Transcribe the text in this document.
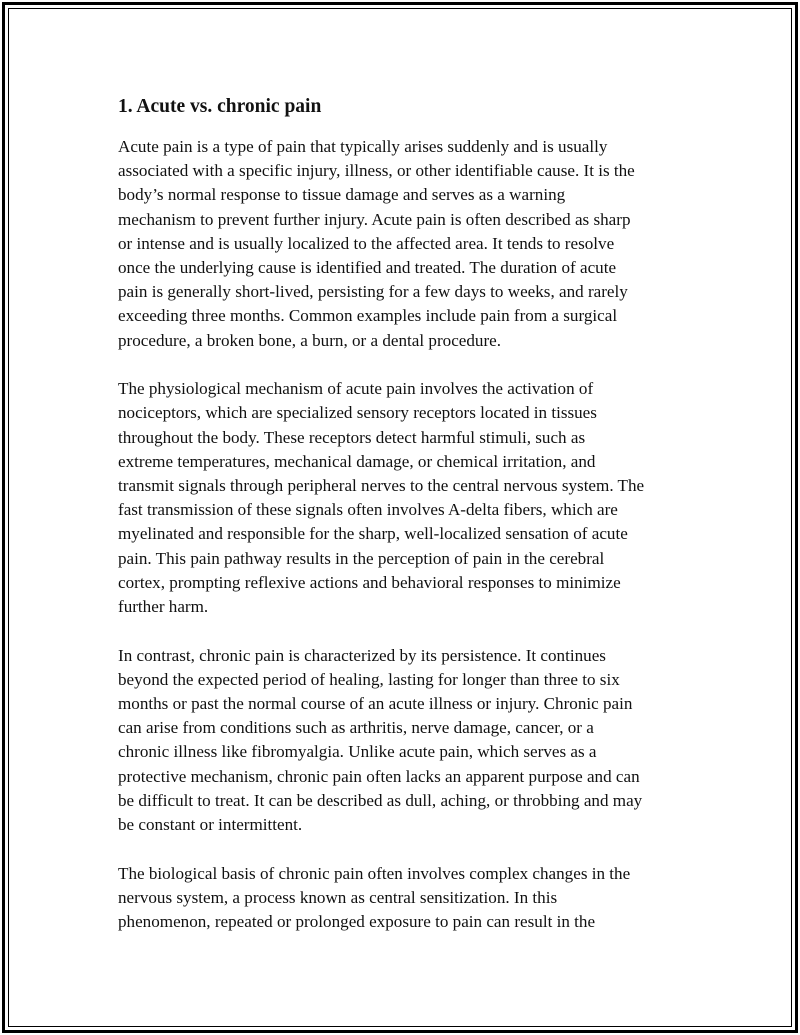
1. Acute vs. chronic pain

Acute pain is a type of pain that typically arises suddenly and is usually
associated with a specific injury, illness, or other identifiable cause. It is the
body’s normal response to tissue damage and serves as a warning
mechanism to prevent further injury. Acute pain is often described as sharp
or intense and is usually localized to the affected area. It tends to resolve
once the underlying cause is identified and treated. The duration of acute
pain is generally short-lived, persisting for a few days to weeks, and rarely
exceeding three months. Common examples include pain from a surgical
procedure, a broken bone, a burn, or a dental procedure.

The physiological mechanism of acute pain involves the activation of
nociceptors, which are specialized sensory receptors located in tissues
throughout the body. These receptors detect harmful stimuli, such as
extreme temperatures, mechanical damage, or chemical irritation, and
transmit signals through peripheral nerves to the central nervous system. The
fast transmission of these signals often involves A-delta fibers, which are
myelinated and responsible for the sharp, well-localized sensation of acute
pain. This pain pathway results in the perception of pain in the cerebral
cortex, prompting reflexive actions and behavioral responses to minimize
further harm.

In contrast, chronic pain is characterized by its persistence. It continues
beyond the expected period of healing, lasting for longer than three to six
months or past the normal course of an acute illness or injury. Chronic pain
can arise from conditions such as arthritis, nerve damage, cancer, or a
chronic illness like fibromyalgia. Unlike acute pain, which serves as a
protective mechanism, chronic pain often lacks an apparent purpose and can
be difficult to treat. It can be described as dull, aching, or throbbing and may
be constant or intermittent.

The biological basis of chronic pain often involves complex changes in the
nervous system, a process known as central sensitization. In this
phenomenon, repeated or prolonged exposure to pain can result in the
